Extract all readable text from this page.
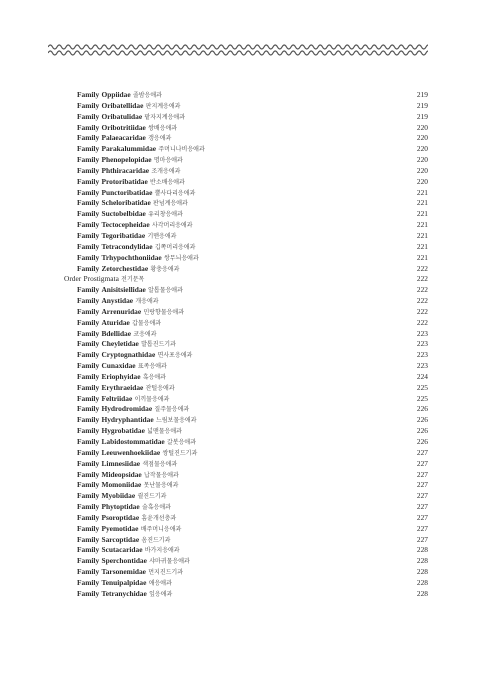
Family Oppiidae 졸밤응애과	219
Family Oribatellidae 판지계응애과	219
Family Oribatulidae 팥자지계응애과	219
Family Oribotritiidae 쌍배응애과	220
Family Palaeacaridae 갱응애과	220
Family Parakalummidae 주머니나비응애과	220
Family Phenopelopidae 명마응애과	220
Family Phthiracaridae 조개응애과	220
Family Protoribatidae 반소배응애과	220
Family Punctoribatidae 뿔사다리응애과	221
Family Scheloribatidae 판넘계응애과	221
Family Suctobelbidae 유리창응애과	221
Family Tectocepheidae 사각머리응애과	221
Family Tegoribatidae 기맨응애과	221
Family Tetracondylidae 깁쪽머리응애과	221
Family Trhypochthoniidae 쌍무늬응애과	221
Family Zetorchestidae 황충응애과	222
Order Prostigmata 전기문목	222
Family Anisitsiellidae 알톱물응애과	222
Family Anystidae 개응애과	222
Family Arrenuridae 민랑향물응애과	222
Family Aturidae 갑물응애과	222
Family Bdellidae 코응애과	223
Family Cheyletidae 발톱진드기과	223
Family Cryptognathidae 면사포응애과	223
Family Cunaxidae 표족응애과	223
Family Eriophyidae 혹응애과	224
Family Erythraeidae 잔털응애과	225
Family Feltriidae 이끼물응애과	225
Family Hydrodromidae 질주물응애과	226
Family Hydryphantidae 느림보물응애과	226
Family Hygrobatidae 넓맨물응애과	226
Family Labidostommatidae 갈봇응애과	226
Family Leeuwenhoekiidae 쌍털진드기과	227
Family Limnesiidae 색점물응애과	227
Family Mideopsidae 납작물응애과	227
Family Momoniidae 못난물응애과	227
Family Myobiidae 쥘진드기과	227
Family Phytoptidae 술혹응애과	227
Family Psoroptidae 흠윤개선충과	227
Family Pyemotidae 배주머니응애과	227
Family Sarcoptidae 옴진드기과	227
Family Scutacaridae 바가지응애과	228
Family Sperchontidae 샤마귀물응애과	228
Family Tarsonemidae 먼지진드기과	228
Family Tenuipalpidae 애응애과	228
Family Tetranychidae 잎응애과	228
